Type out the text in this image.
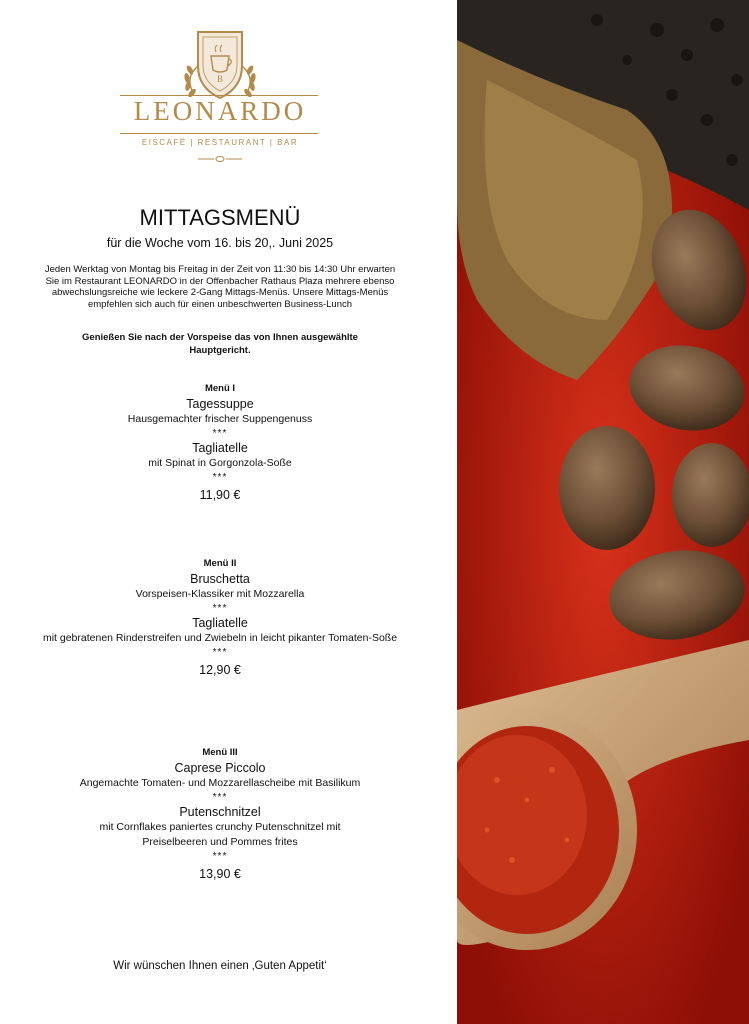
B
LEONARDO
EISCAFÉ | RESTAURANT | BAR
MITTAGSMENÜ
für die Woche vom 16. bis 20,. Juni 2025
Jeden Werktag von Montag bis Freitag in der Zeit von 11:30 bis 14:30 Uhr erwarten Sie im Restaurant LEONARDO in der Offenbacher Rathaus Plaza mehrere ebenso abwechslungsreiche wie leckere 2-Gang Mittags-Menüs. Unsere Mittags-Menüs empfehlen sich auch für einen unbeschwerten Business-Lunch
Genießen Sie nach der Vorspeise das von Ihnen ausgewählte Hauptgericht.
Menü I
Tagessuppe
Hausgemachter frischer Suppengenuss
***
Tagliatelle
mit Spinat in Gorgonzola-Soße
***
11,90 €
Menü II
Bruschetta
Vorspeisen-Klassiker mit Mozzarella
***
Tagliatelle
mit gebratenen Rinderstreifen und Zwiebeln in leicht pikanter Tomaten-Soße
***
12,90 €
Menü III
Caprese Piccolo
Angemachte Tomaten- und Mozzarellascheibe mit Basilikum
***
Putenschnitzel
mit Cornflakes paniertes crunchy Putenschnitzel mit Preiselbeeren und Pommes frites
***
13,90 €
Wir wünschen Ihnen einen ‚Guten Appetit‘
